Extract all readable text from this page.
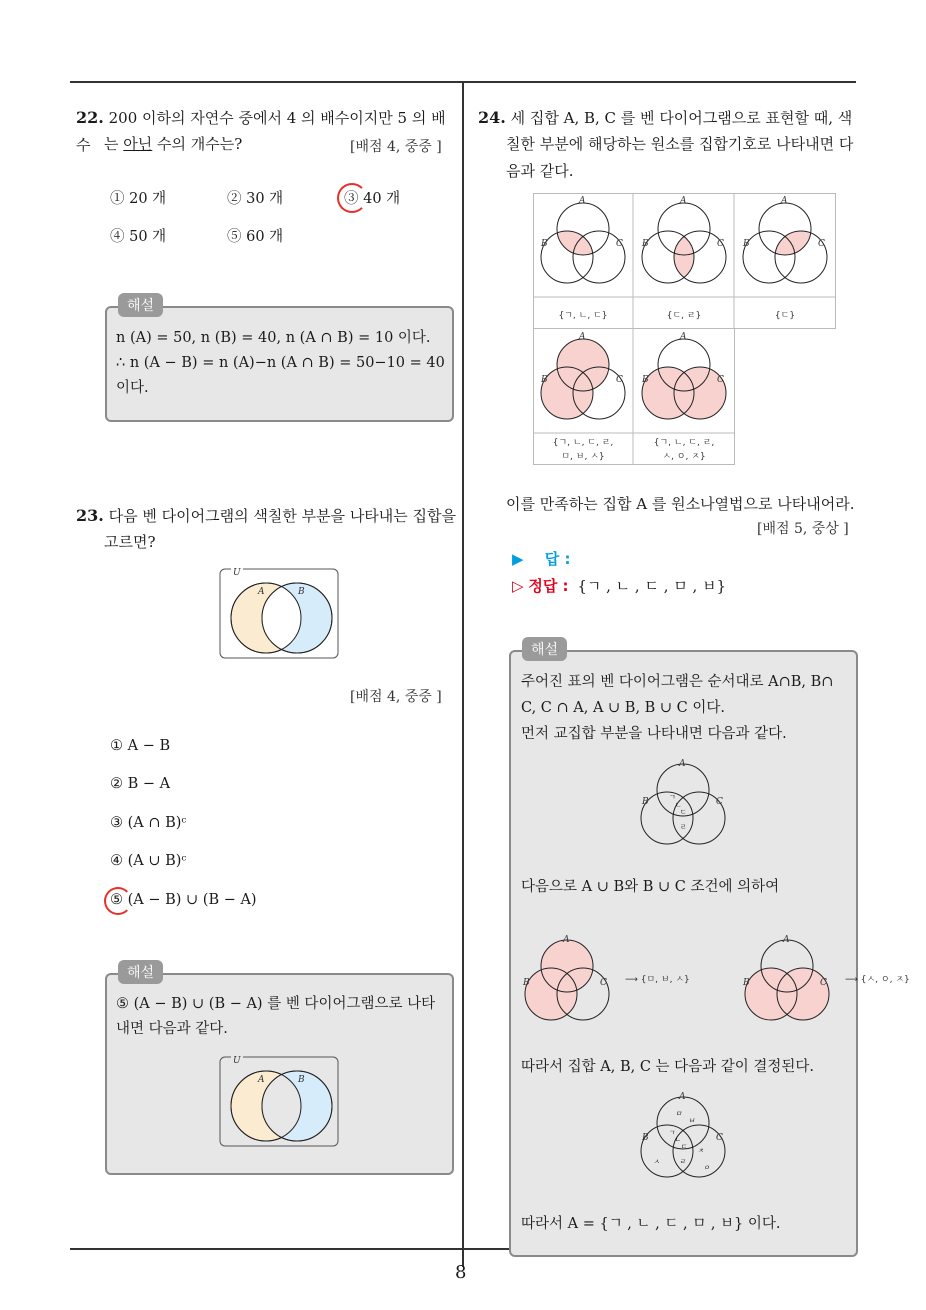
8
22. 200 이하의 자연수 중에서 4 의 배수이지만 5 의 배수 는 아닌 수의 개수는?	[배점 4, 중중 ]
① 20 개	② 30 개	③ 40 개
④ 50 개	⑤ 60 개
해설
n (A) = 50, n (B) = 40, n (A ∩ B) = 10 이다.
∴ n (A − B) = n (A)−n (A ∩ B) = 50−10 = 40
이다.
23. 다음 벤 다이어그램의 색칠한 부분을 나타내는 집합을
고르면?
U
A	B
[배점 4, 중중 ]
① A − B
② B − A
③ (A ∩ B)ᶜ
④ (A ∪ B)ᶜ
⑤ (A − B) ∪ (B − A)
해설
⑤ (A − B) ∪ (B − A) 를 벤 다이어그램으로 나타
내면 다음과 같다.
U
A	B
24. 세 집합 A, B, C 를 벤 다이어그램으로 표현할 때, 색
칠한 부분에 해당하는 원소를 집합기호로 나타내면 다
음과 같다.
A
B	C
A
B	C
A
B	C
A
B	C
A
B	C
{ㄱ, ㄴ, ㄷ}	{ㄷ, ㄹ}	{ㄷ}
{ㄱ, ㄴ, ㄷ, ㄹ,
ㅁ, ㅂ, ㅅ}
{ㄱ, ㄴ, ㄷ, ㄹ,
ㅅ, ㅇ, ㅈ}
이를 만족하는 집합 A 를 원소나열법으로 나타내어라.
[배점 5, 중상 ]
▶ 답 :
▷ 정답 : {ㄱ , ㄴ , ㄷ , ㅁ , ㅂ}
해설
주어진 표의 벤 다이어그램은 순서대로 A∩B, B∩
C, C ∩ A, A ∪ B, B ∪ C 이다.
먼저 교집합 부분을 나타내면 다음과 같다.
A
B	C
ㄱ
ㄴ
ㄷ
ㄹ
다음으로 A ∪ B와 B ∪ C 조건에 의하여
A
B	C ⟶ {ㅁ, ㅂ, ㅅ}
A
B	C ⟶ {ㅅ, ㅇ, ㅈ}
따라서 집합 A, B, C 는 다음과 같이 결정된다.
A
B	C
ㅁ
ㅂ
ㄱ
ㄴ
ㄷ ㅈ
ㅅ	ㄹ
ㅇ
따라서 A = {ㄱ , ㄴ , ㄷ , ㅁ , ㅂ} 이다.
